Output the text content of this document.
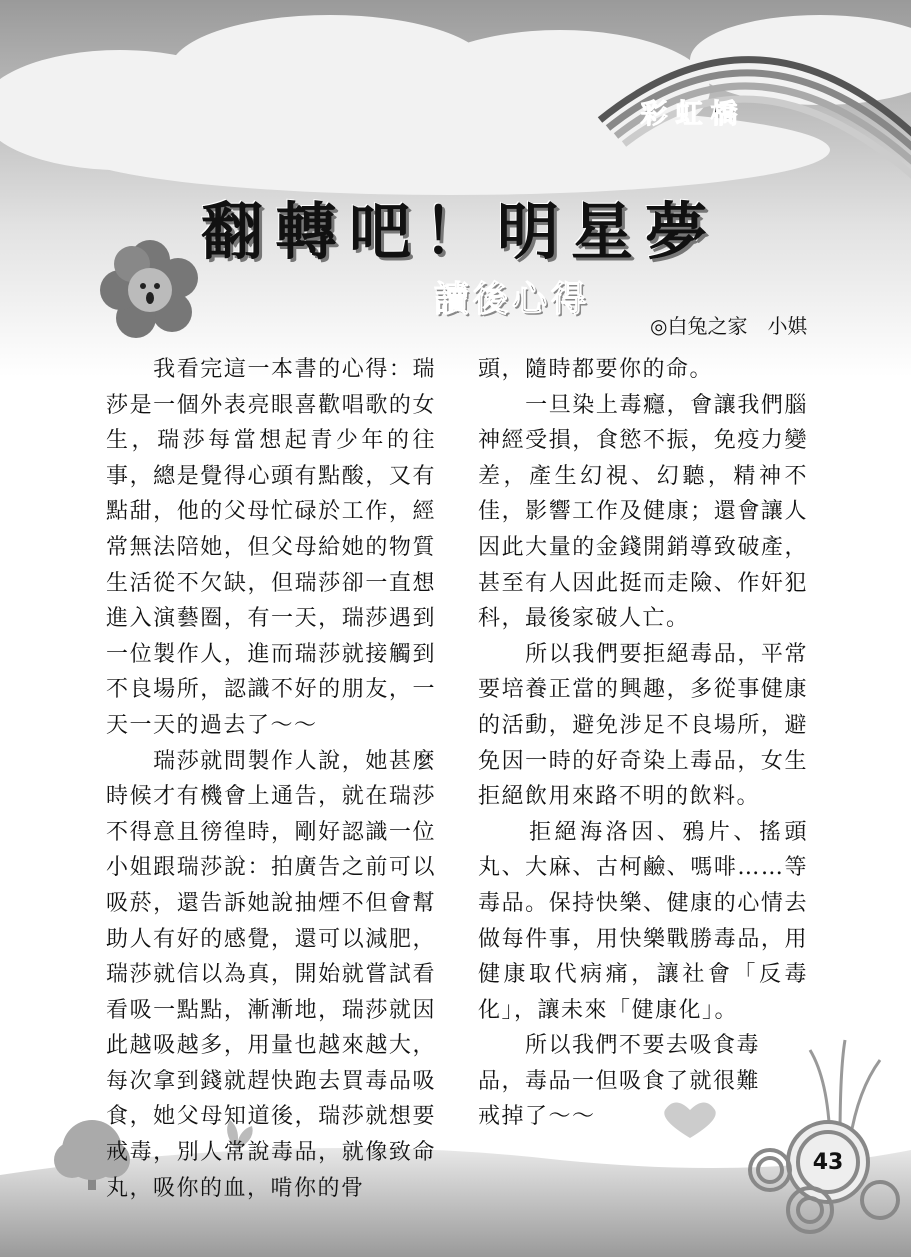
彩虹橋
翻轉吧！明星夢
讀後心得
◎白兔之家　小娸

　　我看完這一本書的心得：瑞莎是一個外表亮眼喜歡唱歌的女生，瑞莎每當想起青少年的往事，總是覺得心頭有點酸，又有點甜，他的父母忙碌於工作，經常無法陪她，但父母給她的物質生活從不欠缺，但瑞莎卻一直想進入演藝圈，有一天，瑞莎遇到一位製作人，進而瑞莎就接觸到不良場所，認識不好的朋友，一天一天的過去了～～

　　瑞莎就問製作人說，她甚麼時候才有機會上通告，就在瑞莎不得意且徬徨時，剛好認識一位小姐跟瑞莎說：拍廣告之前可以吸菸，還告訴她說抽煙不但會幫助人有好的感覺，還可以減肥，瑞莎就信以為真，開始就嘗試看看吸一點點，漸漸地，瑞莎就因此越吸越多，用量也越來越大，每次拿到錢就趕快跑去買毒品吸食，她父母知道後，瑞莎就想要戒毒，別人常說毒品，就像致命丸，吸你的血，啃你的骨

頭，隨時都要你的命。

　　一旦染上毒癮，會讓我們腦神經受損，食慾不振，免疫力變差，產生幻視、幻聽，精神不佳，影響工作及健康；還會讓人因此大量的金錢開銷導致破產，甚至有人因此挺而走險、作奸犯科，最後家破人亡。

　　所以我們要拒絕毒品，平常要培養正當的興趣，多從事健康的活動，避免涉足不良場所，避免因一時的好奇染上毒品，女生拒絕飲用來路不明的飲料。

　　拒絕海洛因、鴉片、搖頭丸、大麻、古柯鹼、嗎啡……等毒品。保持快樂、健康的心情去做每件事，用快樂戰勝毒品，用健康取代病痛，讓社會「反毒化」，讓未來「健康化」。

　　所以我們不要去吸食毒
品，毒品一但吸食了就很難
戒掉了～～

43
